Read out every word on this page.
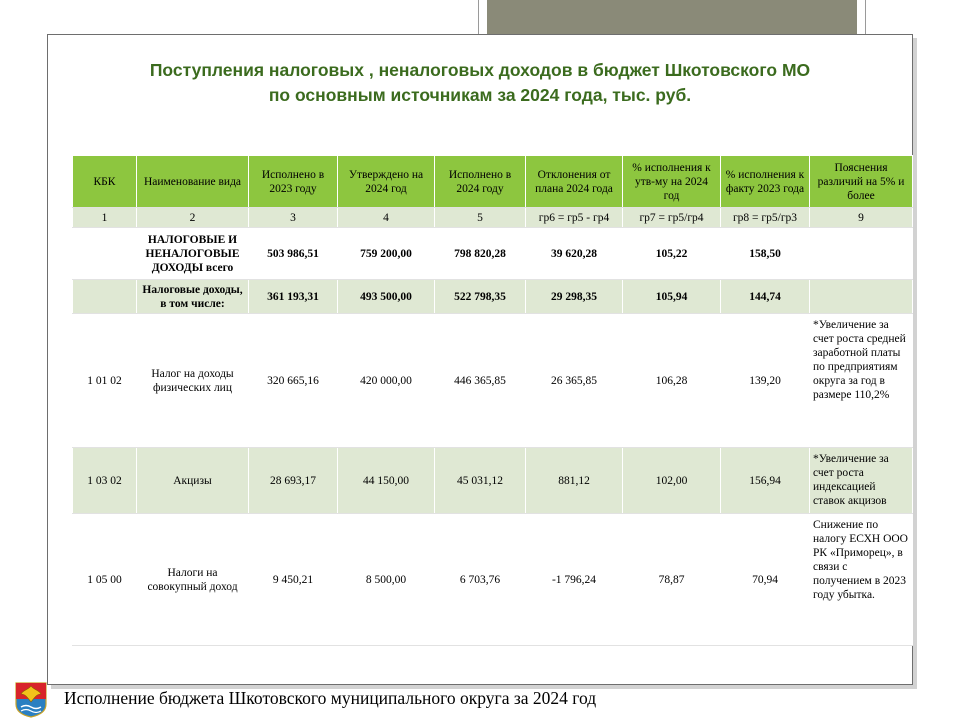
Поступления налоговых , неналоговых доходов в бюджет Шкотовского МО
по основным источникам за 2024 года, тыс. руб.
КБК	Наименование вида	Исполнено в 2023 году	Утверждено на 2024 год	Исполнено в 2024 году	Отклонения от плана 2024 года	% исполнения к утв-му на 2024 год	% исполнения к факту 2023 года	Пояснения различий на 5% и более
1	2	3	4	5	гр6 = гр5 - гр4	гр7 = гр5/гр4	гр8 = гр5/гр3	9
	НАЛОГОВЫЕ И НЕНАЛОГОВЫЕ ДОХОДЫ всего	503 986,51	759 200,00	798 820,28	39 620,28	105,22	158,50	
	Налоговые доходы, в том числе:	361 193,31	493 500,00	522 798,35	29 298,35	105,94	144,74	
1 01 02	Налог на доходы физических лиц	320 665,16	420 000,00	446 365,85	26 365,85	106,28	139,20	*Увеличение за счет роста средней заработной платы по предприятиям округа за год в размере 110,2%
1 03 02	Акцизы	28 693,17	44 150,00	45 031,12	881,12	102,00	156,94	*Увеличение за счет роста индексацией ставок акцизов
1 05 00	Налоги на совокупный доход	9 450,21	8 500,00	6 703,76	-1 796,24	78,87	70,94	Снижение по налогу ЕСХН ООО РК «Приморец», в связи с получением в 2023 году убытка.
Исполнение бюджета Шкотовского муниципального округа за 2024 год
